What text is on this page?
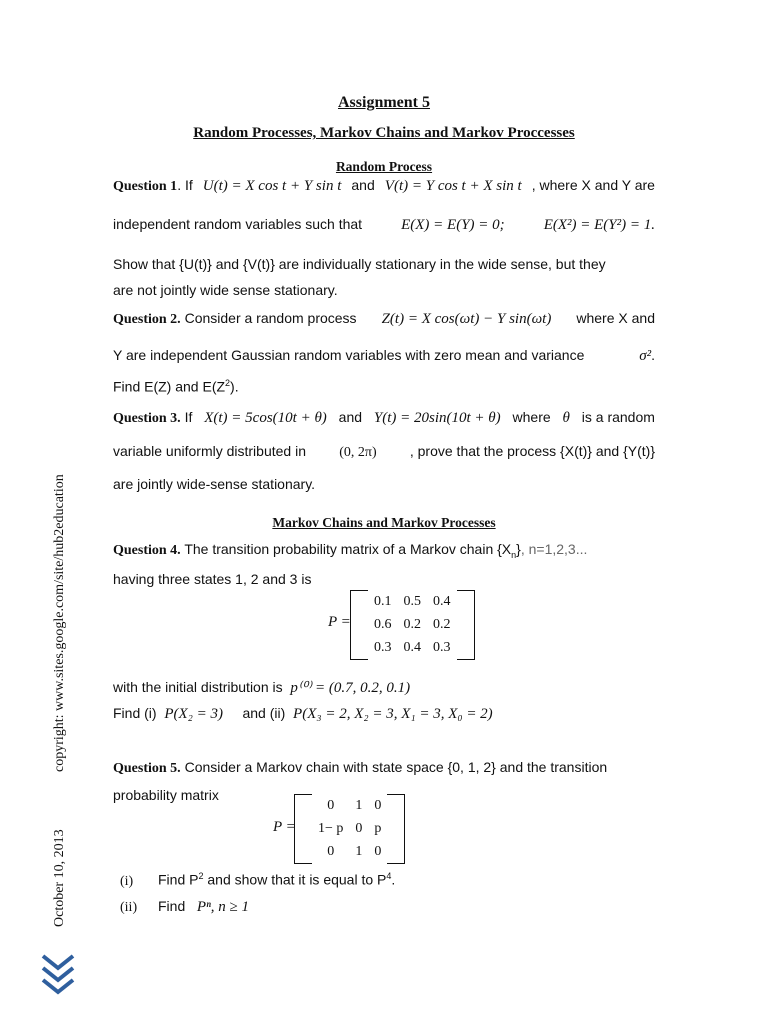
Assignment 5
Random Processes, Markov Chains and Markov Proccesses
Random Process
Question 1. If U(t) = X cos t + Y sin t and V(t) = Y cos t + X sin t , where X and Y are
independent random variables such that	E(X) = E(Y) = 0;	E(X²) = E(Y²) = 1.
Show that {U(t)} and {V(t)} are individually stationary in the wide sense, but they
are not jointly wide sense stationary.
Question 2. Consider a random process Z(t) = X cos(ωt) − Y sin(ωt) where X and
Y are independent Gaussian random variables with zero mean and variance	σ².
Find E(Z) and $E(Z^2)$.
Question 3. If X(t) = 5cos(10t + θ) and Y(t) = 20sin(10t + θ) where θ is a random
variable uniformly distributed in (0, 2π) , prove that the process {X(t)} and {Y(t)}
are jointly wide-sense stationary.
Markov Chains and Markov Processes
Question 4. The transition probability matrix of a Markov chain $\{X_n\}$, n=1,2,3...
having three states 1, 2 and 3 is
P =
	0.1	0.5	0.4	
	0.6	0.2	0.2	
	0.3	0.4	0.3	
with the initial distribution is p⁽⁰⁾ = (0.7, 0.2, 0.1)
Find (i) P(X₂ = 3) and (ii) P(X₃ = 2, X₂ = 3, X₁ = 3, X₀ = 2)
Question 5. Consider a Markov chain with state space {0, 1, 2} and the transition
probability matrix
P =
	0	1	0	
	1− p	0	p	
	0	1	0	
(i) Find $P^2$ and show that it is equal to $P^4$.
(ii) Find Pⁿ, n ≥ 1
copyright: www.sites.google.com/site/hub2education
October 10, 2013
